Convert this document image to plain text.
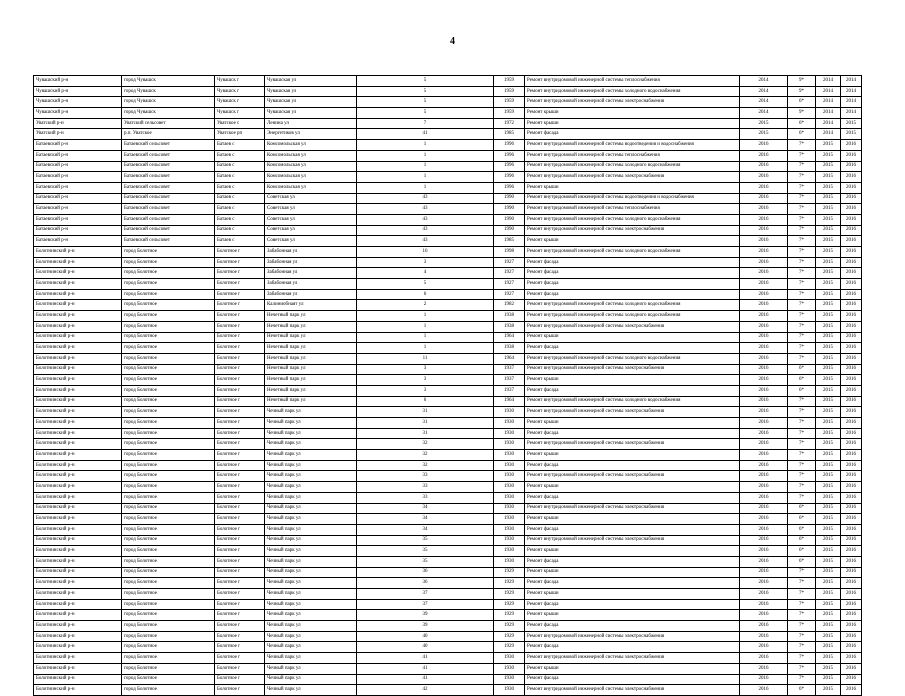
4
Чувашский р-н	город Чувашск	Чувашск г	Чувашская ул	5	1959	Ремонт внутридомовой инженерной системы теплоснабжения	2014	9*	2014	2014
Чувашский р-н	город Чувашск	Чувашск г	Чувашская ул	5	1959	Ремонт внутридомовой инженерной системы холодного водоснабжения	2014	9*	2014	2014
Чувашский р-н	город Чувашск	Чувашск г	Чувашская ул	5	1959	Ремонт внутридомовой инженерной системы электроснабжения	2014	6*	2014	2014
Чувашский р-н	город Чувашск	Чувашск г	Чувашская ул	5	1959	Ремонт крыши	2014	9*	2014	2014
Уватский р-н	Уватский сельсовет	Уватское с	Ленина ул	7	1972	Ремонт крыши	2015	6*	2014	2015
Уватский р-н	р.п. Уватское	Уватское рп	Энергетиков ул	41	1985	Ремонт фасада	2015	6*	2014	2015
Батаевский р-н	Батаевский сельсовет	Батаев с	Комсомольская ул	1	1996	Ремонт внутридомовой инженерной системы водоотведения и водоснабжения	2016	7*	2015	2016
Батаевский р-н	Батаевский сельсовет	Батаев с	Комсомольская ул	1	1996	Ремонт внутридомовой инженерной системы теплоснабжения	2016	7*	2015	2016
Батаевский р-н	Батаевский сельсовет	Батаев с	Комсомольская ул	1	1996	Ремонт внутридомовой инженерной системы холодного водоснабжения	2016	7*	2015	2016
Батаевский р-н	Батаевский сельсовет	Батаев с	Комсомольская ул	1	1996	Ремонт внутридомовой инженерной системы электроснабжения	2016	7*	2015	2016
Батаевский р-н	Батаевский сельсовет	Батаев с	Комсомольская ул	1	1996	Ремонт крыши	2016	7*	2015	2016
Батаевский р-н	Батаевский сельсовет	Батаев с	Советская ул	43	1990	Ремонт внутридомовой инженерной системы водоотведения и водоснабжения	2016	7*	2015	2016
Батаевский р-н	Батаевский сельсовет	Батаев с	Советская ул	43	1990	Ремонт внутридомовой инженерной системы теплоснабжения	2016	7*	2015	2016
Батаевский р-н	Батаевский сельсовет	Батаев с	Советская ул	43	1990	Ремонт внутридомовой инженерной системы холодного водоснабжения	2016	7*	2015	2016
Батаевский р-н	Батаевский сельсовет	Батаев с	Советская ул	43	1990	Ремонт внутридомовой инженерной системы электроснабжения	2016	7*	2015	2016
Батаевский р-н	Батаевский сельсовет	Батаев с	Советская ул	43	1985	Ремонт крыши	2016	7*	2015	2016
Болотнинский р-н	город Болотное	Болотное г	Забабонная ул	16	1998	Ремонт внутридомовой инженерной системы холодного водоснабжения	2016	7*	2015	2016
Болотнинский р-н	город Болотное	Болотное г	Забабонная ул	3	1927	Ремонт фасада	2016	7*	2015	2016
Болотнинский р-н	город Болотное	Болотное г	Забабонная ул	4	1927	Ремонт фасада	2016	7*	2015	2016
Болотнинский р-н	город Болотное	Болотное г	Забабонная ул	5	1927	Ремонт фасада	2016	7*	2015	2016
Болотнинский р-н	город Болотное	Болотное г	Забабонная ул	6	1927	Ремонт фасада	2016	7*	2015	2016
Болотнинский р-н	город Болотное	Болотное г	Калиниобнаят ул	2	1982	Ремонт внутридомовой инженерной системы холодного водоснабжения	2016	7*	2015	2016
Болотнинский р-н	город Болотное	Болотное г	Нечетный парк ул	1	1938	Ремонт внутридомовой инженерной системы холодного водоснабжения	2016	7*	2015	2016
Болотнинский р-н	город Болотное	Болотное г	Нечетный парк ул	1	1938	Ремонт внутридомовой инженерной системы электроснабжения	2016	7*	2015	2016
Болотнинский р-н	город Болотное	Болотное г	Нечетный парк ул	1	1964	Ремонт крыши	2016	7*	2015	2016
Болотнинский р-н	город Болотное	Болотное г	Нечетный парк ул	1	1938	Ремонт фасада	2016	7*	2015	2016
Болотнинский р-н	город Болотное	Болотное г	Нечетный парк ул	11	1964	Ремонт внутридомовой инженерной системы холодного водоснабжения	2016	7*	2015	2016
Болотнинский р-н	город Болотное	Болотное г	Нечетный парк ул	3	1937	Ремонт внутридомовой инженерной системы электроснабжения	2016	6*	2015	2016
Болотнинский р-н	город Болотное	Болотное г	Нечетный парк ул	3	1937	Ремонт крыши	2016	6*	2015	2016
Болотнинский р-н	город Болотное	Болотное г	Нечетный парк ул	3	1937	Ремонт фасада	2016	6*	2015	2016
Болотнинский р-н	город Болотное	Болотное г	Нечетный парк ул	6	1964	Ремонт внутридомовой инженерной системы холодного водоснабжения	2016	7*	2015	2016
Болотнинский р-н	город Болотное	Болотное г	Чечный парк ул	31	1930	Ремонт внутридомовой инженерной системы электроснабжения	2016	7*	2015	2016
Болотнинский р-н	город Болотное	Болотное г	Чечный парк ул	31	1930	Ремонт крыши	2016	7*	2015	2016
Болотнинский р-н	город Болотное	Болотное г	Чечный парк ул	31	1930	Ремонт фасада	2016	7*	2015	2016
Болотнинский р-н	город Болотное	Болотное г	Чечный парк ул	32	1930	Ремонт внутридомовой инженерной системы электроснабжения	2016	7*	2015	2016
Болотнинский р-н	город Болотное	Болотное г	Чечный парк ул	32	1930	Ремонт крыши	2016	7*	2015	2016
Болотнинский р-н	город Болотное	Болотное г	Чечный парк ул	32	1930	Ремонт фасада	2016	7*	2015	2016
Болотнинский р-н	город Болотное	Болотное г	Чечный парк ул	33	1930	Ремонт внутридомовой инженерной системы электроснабжения	2016	7*	2015	2016
Болотнинский р-н	город Болотное	Болотное г	Чечный парк ул	33	1930	Ремонт крыши	2016	7*	2015	2016
Болотнинский р-н	город Болотное	Болотное г	Чечный парк ул	33	1930	Ремонт фасада	2016	7*	2015	2016
Болотнинский р-н	город Болотное	Болотное г	Чечный парк ул	34	1930	Ремонт внутридомовой инженерной системы электроснабжения	2016	6*	2015	2016
Болотнинский р-н	город Болотное	Болотное г	Чечный парк ул	34	1930	Ремонт крыши	2016	6*	2015	2016
Болотнинский р-н	город Болотное	Болотное г	Чечный парк ул	34	1930	Ремонт фасада	2016	6*	2015	2016
Болотнинский р-н	город Болотное	Болотное г	Чечный парк ул	35	1930	Ремонт внутридомовой инженерной системы электроснабжения	2016	6*	2015	2016
Болотнинский р-н	город Болотное	Болотное г	Чечный парк ул	35	1930	Ремонт крыши	2016	6*	2015	2016
Болотнинский р-н	город Болотное	Болотное г	Чечный парк ул	35	1930	Ремонт фасада	2016	6*	2015	2016
Болотнинский р-н	город Болотное	Болотное г	Чечный парк ул	36	1929	Ремонт крыши	2016	7*	2015	2016
Болотнинский р-н	город Болотное	Болотное г	Чечный парк ул	36	1929	Ремонт фасада	2016	7*	2015	2016
Болотнинский р-н	город Болотное	Болотное г	Чечный парк ул	37	1929	Ремонт крыши	2016	7*	2015	2016
Болотнинский р-н	город Болотное	Болотное г	Чечный парк ул	37	1929	Ремонт фасада	2016	7*	2015	2016
Болотнинский р-н	город Болотное	Болотное г	Чечный парк ул	39	1929	Ремонт крыши	2016	7*	2015	2016
Болотнинский р-н	город Болотное	Болотное г	Чечный парк ул	39	1929	Ремонт фасада	2016	7*	2015	2016
Болотнинский р-н	город Болотное	Болотное г	Чечный парк ул	40	1929	Ремонт внутридомовой инженерной системы электроснабжения	2016	7*	2015	2016
Болотнинский р-н	город Болотное	Болотное г	Чечный парк ул	40	1929	Ремонт фасада	2016	7*	2015	2016
Болотнинский р-н	город Болотное	Болотное г	Чечный парк ул	41	1930	Ремонт внутридомовой инженерной системы электроснабжения	2016	7*	2015	2016
Болотнинский р-н	город Болотное	Болотное г	Чечный парк ул	41	1930	Ремонт крыши	2016	7*	2015	2016
Болотнинский р-н	город Болотное	Болотное г	Чечный парк ул	41	1930	Ремонт фасада	2016	7*	2015	2016
Болотнинский р-н	город Болотное	Болотное г	Чечный парк ул	42	1930	Ремонт внутридомовой инженерной системы электроснабжения	2016	6*	2015	2016
